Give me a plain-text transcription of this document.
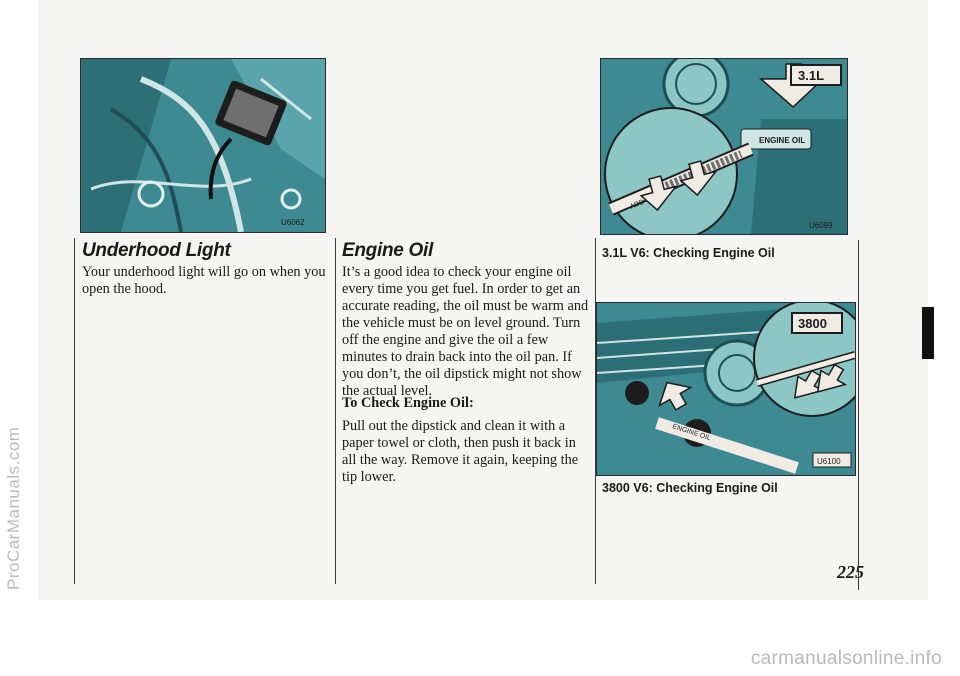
U6062
ENGINE OIL
3.1L
ADD
U6099
ENGINE OIL
3800
U6100
Underhood Light

Your underhood light will go on when you open the hood.

Engine Oil

It’s a good idea to check your engine oil every time you get fuel. In order to get an accurate reading, the oil must be warm and the vehicle must be on level ground. Turn off the engine and give the oil a few minutes to drain back into the oil pan. If you don’t, the oil dipstick might not show the actual level.

To Check Engine Oil:

Pull out the dipstick and clean it with a paper towel or cloth, then push it back in all the way. Remove it again, keeping the tip lower.

3.1L V6: Checking Engine Oil

3800 V6: Checking Engine Oil

225

ProCarManuals.com
carmanualsonline.info
